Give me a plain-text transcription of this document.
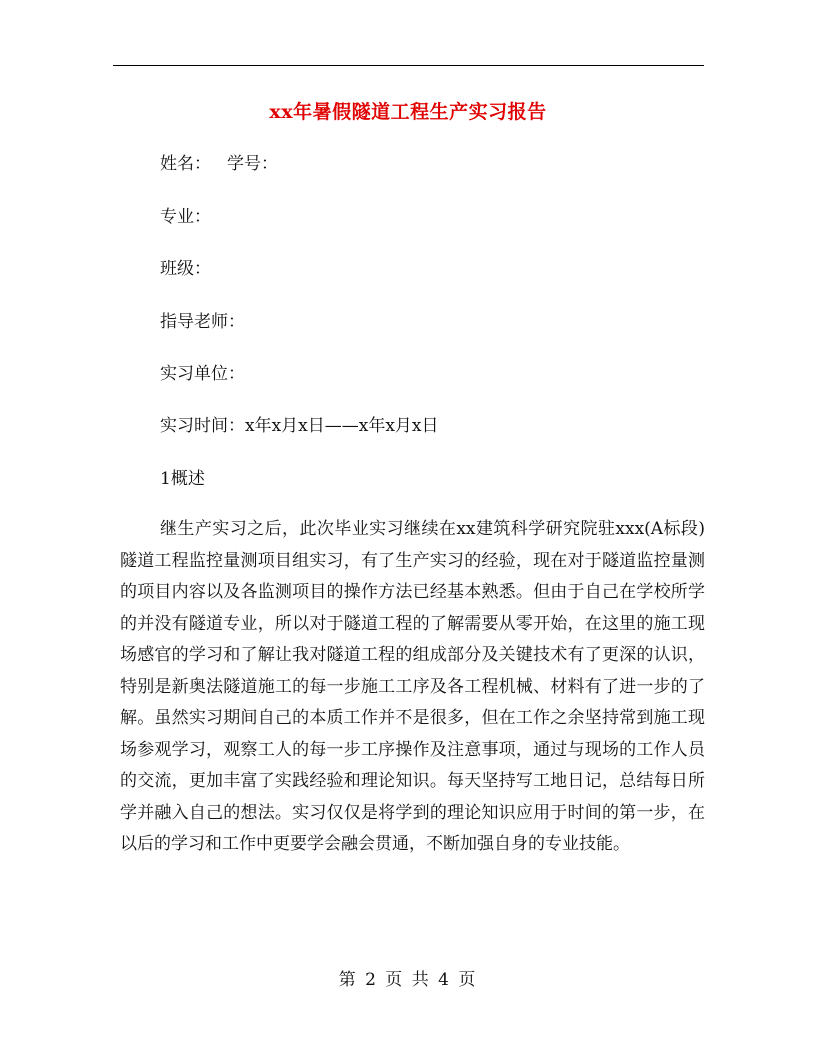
xx年暑假隧道工程生产实习报告
姓名： 学号：
专业：
班级：
指导老师：
实习单位：
实习时间：x年x月x日——x年x月x日
1概述
继生产实习之后，此次毕业实习继续在xx建筑科学研究院驻xxx(A标段)隧道工程监控量测项目组实习，有了生产实习的经验，现在对于隧道监控量测的项目内容以及各监测项目的操作方法已经基本熟悉。但由于自己在学校所学的并没有隧道专业，所以对于隧道工程的了解需要从零开始，在这里的施工现场感官的学习和了解让我对隧道工程的组成部分及关键技术有了更深的认识，特别是新奥法隧道施工的每一步施工工序及各工程机械、材料有了进一步的了解。虽然实习期间自己的本质工作并不是很多，但在工作之余坚持常到施工现场参观学习，观察工人的每一步工序操作及注意事项，通过与现场的工作人员的交流，更加丰富了实践经验和理论知识。每天坚持写工地日记，总结每日所学并融入自己的想法。实习仅仅是将学到的理论知识应用于时间的第一步，在以后的学习和工作中更要学会融会贯通，不断加强自身的专业技能。
第 2 页 共 4 页
